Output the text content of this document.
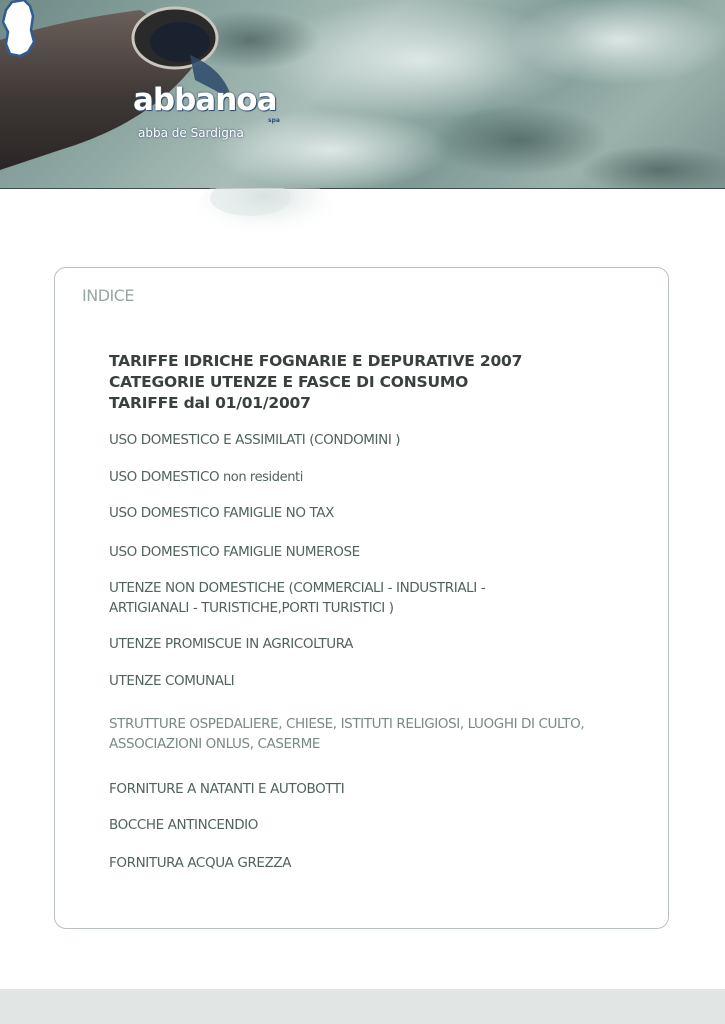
abbanoa
spa
abba de Sardigna
INDICE
TARIFFE IDRICHE FOGNARIE E DEPURATIVE 2007
CATEGORIE UTENZE E FASCE DI CONSUMO
TARIFFE dal 01/01/2007
USO DOMESTICO E ASSIMILATI (CONDOMINI )
USO DOMESTICO non residenti
USO DOMESTICO FAMIGLIE NO TAX
USO DOMESTICO FAMIGLIE NUMEROSE
UTENZE NON DOMESTICHE (COMMERCIALI - INDUSTRIALI -
ARTIGIANALI - TURISTICHE,PORTI TURISTICI )
UTENZE PROMISCUE IN AGRICOLTURA
UTENZE COMUNALI
STRUTTURE OSPEDALIERE, CHIESE, ISTITUTI RELIGIOSI, LUOGHI DI CULTO,
ASSOCIAZIONI ONLUS, CASERME
FORNITURE A NATANTI E AUTOBOTTI
BOCCHE ANTINCENDIO
FORNITURA ACQUA GREZZA
